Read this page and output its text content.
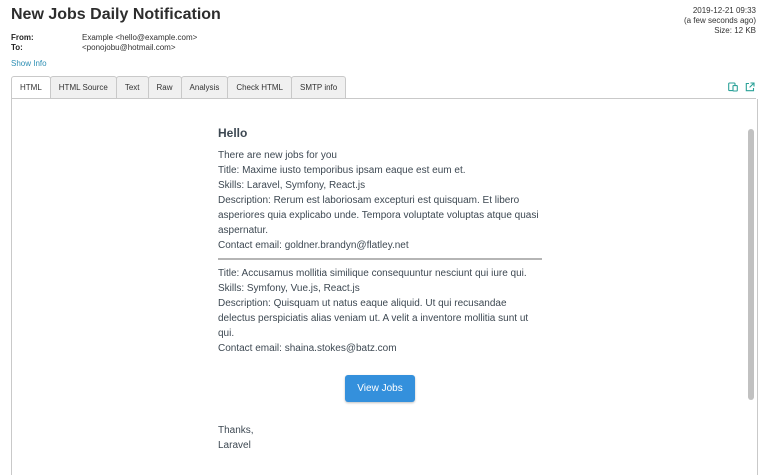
New Jobs Daily Notification	2019-12-21 09:33
(a few seconds ago)
Size: 12 KB
From:	Example <hello@example.com>
To:	<ponojobu@hotmail.com>
Show Info
HTML	HTML Source	Text	Raw	Analysis	Check HTML	SMTP info
Hello

There are new jobs for you

Title: Maxime iusto temporibus ipsam eaque est eum et.

Skills: Laravel, Symfony, React.js

Description: Rerum est laboriosam excepturi est quisquam. Et libero asperiores quia explicabo unde. Tempora voluptate voluptas atque quasi aspernatur.

Contact email: goldner.brandyn@flatley.net

Title: Accusamus mollitia similique consequuntur nesciunt qui iure qui.

Skills: Symfony, Vue.js, React.js

Description: Quisquam ut natus eaque aliquid. Ut qui recusandae delectus perspiciatis alias veniam ut. A velit a inventore mollitia sunt ut qui.

Contact email: shaina.stokes@batz.com

View Jobs

Thanks,

Laravel
